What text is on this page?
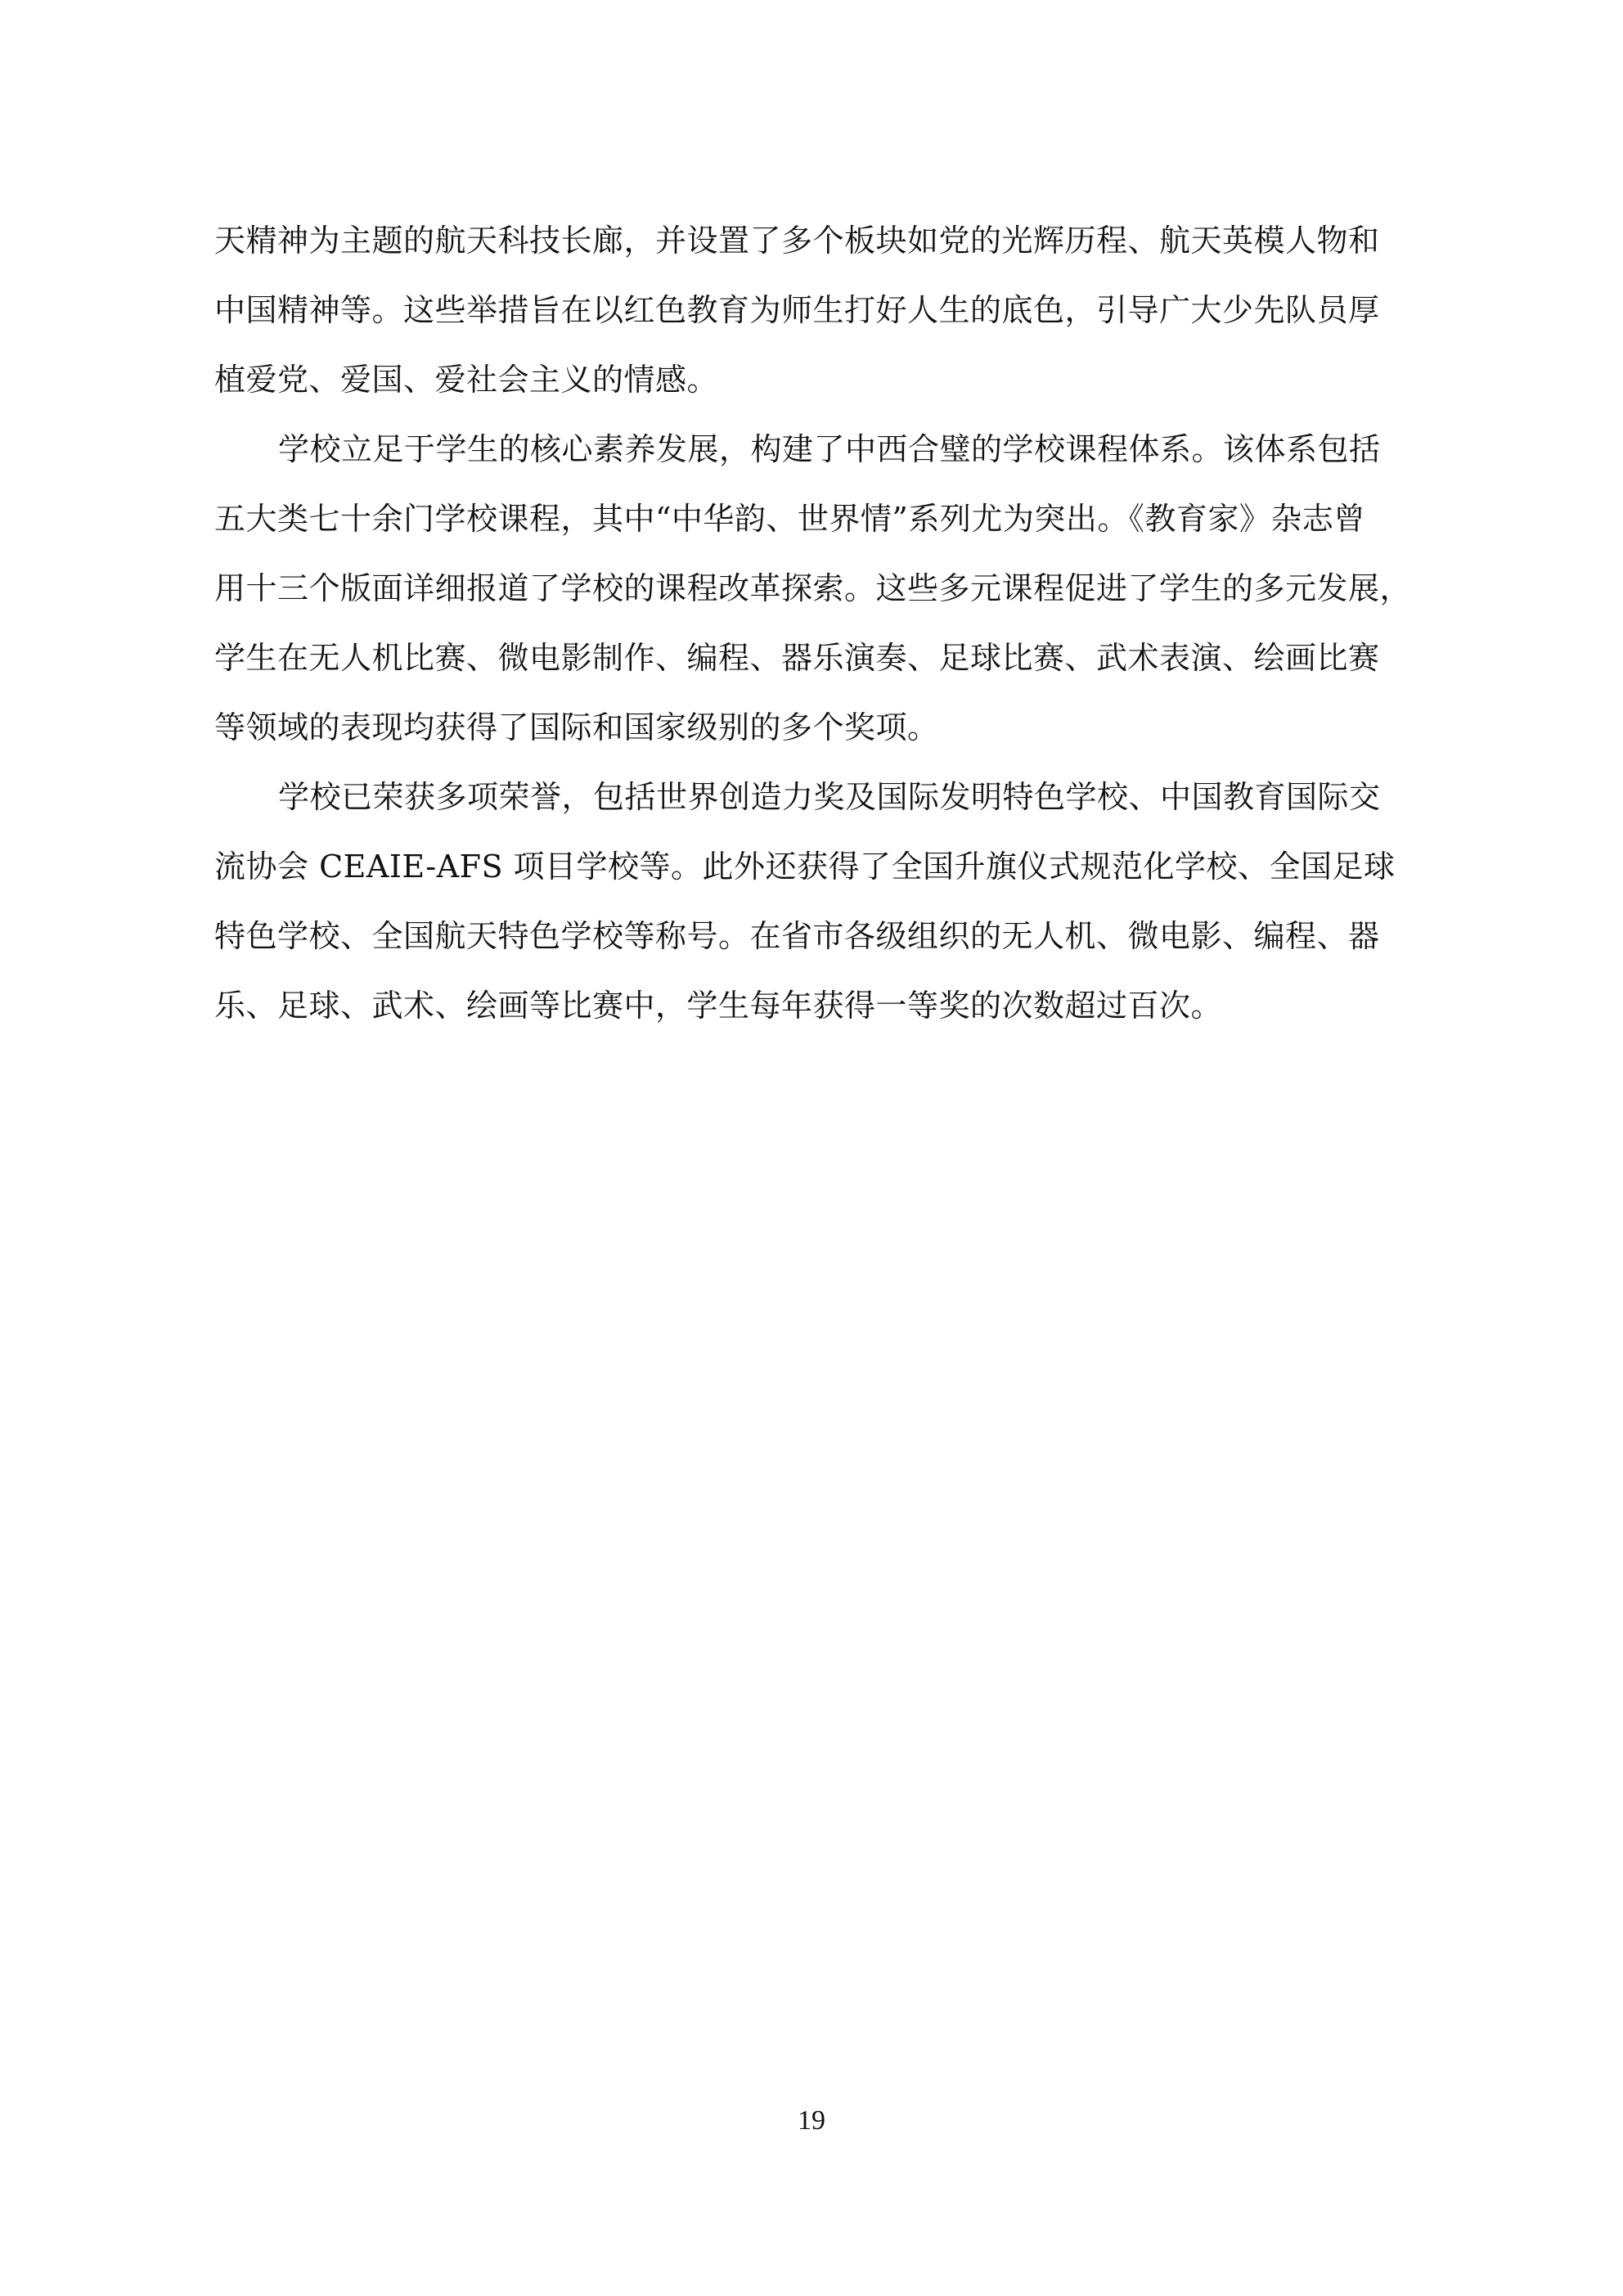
天精神为主题的航天科技长廊，并设置了多个板块如党的光辉历程、航天英模人物和
中国精神等。这些举措旨在以红色教育为师生打好人生的底色，引导广大少先队员厚
植爱党、爱国、爱社会主义的情感。
学校立足于学生的核心素养发展，构建了中西合璧的学校课程体系。该体系包括
五大类七十余门学校课程，其中“中华韵、世界情”系列尤为突出。《教育家》杂志曾
用十三个版面详细报道了学校的课程改革探索。这些多元课程促进了学生的多元发展，
学生在无人机比赛、微电影制作、编程、器乐演奏、足球比赛、武术表演、绘画比赛
等领域的表现均获得了国际和国家级别的多个奖项。
学校已荣获多项荣誉，包括世界创造力奖及国际发明特色学校、中国教育国际交
流协会 CEAIE-AFS 项目学校等。此外还获得了全国升旗仪式规范化学校、全国足球
特色学校、全国航天特色学校等称号。在省市各级组织的无人机、微电影、编程、器
乐、足球、武术、绘画等比赛中，学生每年获得一等奖的次数超过百次。
19
